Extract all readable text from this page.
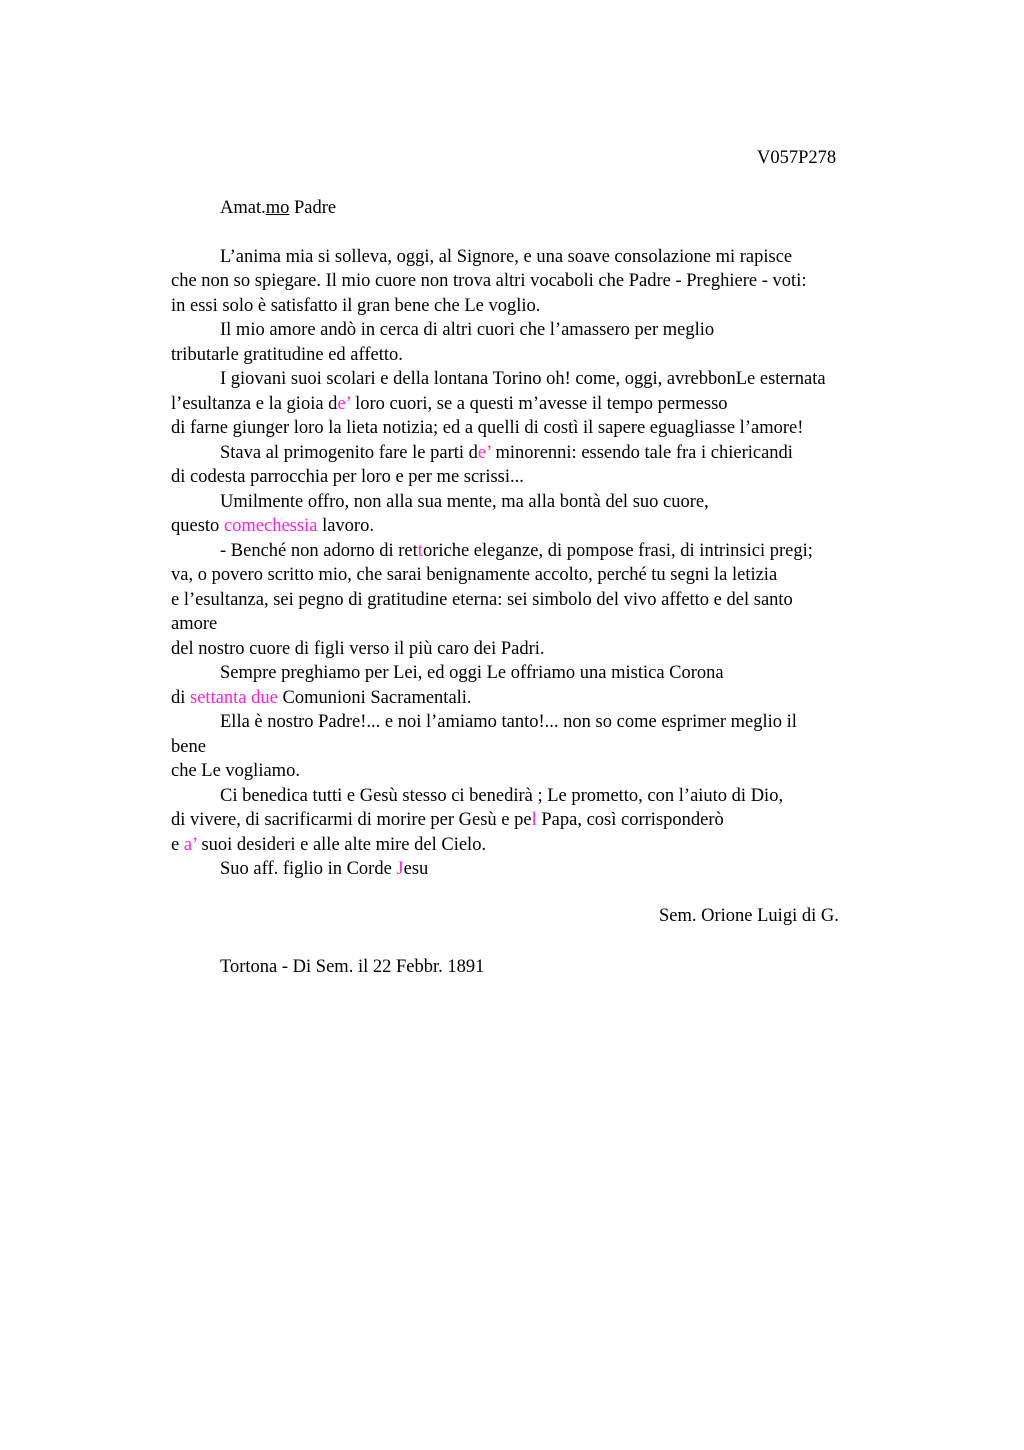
V057P278
Amat.mo Padre
L’anima mia si solleva, oggi, al Signore, e una soave consolazione mi rapisce
che non so spiegare. Il mio cuore non trova altri vocaboli che Padre - Preghiere - voti:
in essi solo è satisfatto il gran bene che Le voglio.
Il mio amore andò in cerca di altri cuori che l’amassero per meglio
tributarle gratitudine ed affetto.
I giovani suoi scolari e della lontana Torino oh! come, oggi, avrebbonLe esternata
l’esultanza e la gioia de’ loro cuori, se a questi m’avesse il tempo permesso
di farne giunger loro la lieta notizia; ed a quelli di costì il sapere eguagliasse l’amore!
Stava al primogenito fare le parti de’ minorenni: essendo tale fra i chiericandi
di codesta parrocchia per loro e per me scrissi...
Umilmente offro, non alla sua mente, ma alla bontà del suo cuore,
questo comechessia lavoro.
- Benché non adorno di rettoriche eleganze, di pompose frasi, di intrinsici pregi;
va, o povero scritto mio, che sarai benignamente accolto, perché tu segni la letizia
e l’esultanza, sei pegno di gratitudine eterna: sei simbolo del vivo affetto e del santo
amore
del nostro cuore di figli verso il più caro dei Padri.
Sempre preghiamo per Lei, ed oggi Le offriamo una mistica Corona
di settanta due Comunioni Sacramentali.
Ella è nostro Padre!... e noi l’amiamo tanto!... non so come esprimer meglio il
bene
che Le vogliamo.
Ci benedica tutti e Gesù stesso ci benedirà ; Le prometto, con l’aiuto di Dio,
di vivere, di sacrificarmi di morire per Gesù e pel Papa, così corrisponderò
e a’ suoi desideri e alle alte mire del Cielo.
Suo aff. figlio in Corde Jesu
Sem. Orione Luigi di G.
Tortona - Di Sem. il 22 Febbr. 1891
